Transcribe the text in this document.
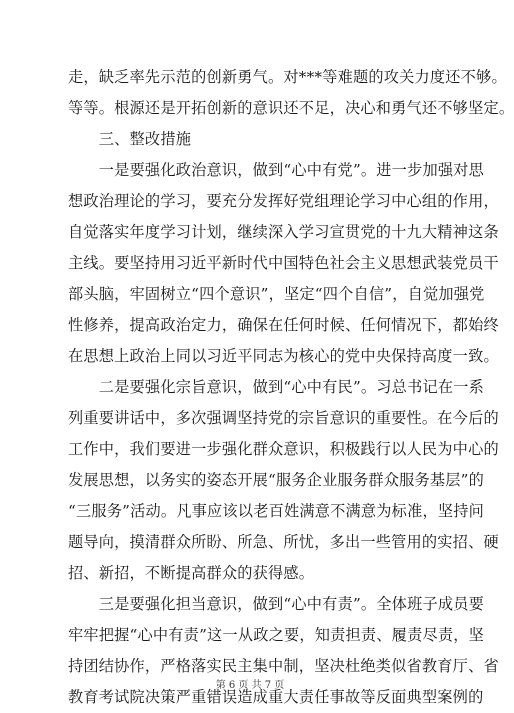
走，缺乏率先示范的创新勇气。对***等难题的攻关力度还不够。
等等。根源还是开拓创新的意识还不足，决心和勇气还不够坚定。
　　三、整改措施
　　一是要强化政治意识，做到“心中有党”。进一步加强对思
想政治理论的学习，要充分发挥好党组理论学习中心组的作用，
自觉落实年度学习计划，继续深入学习宣贯党的十九大精神这条
主线。要坚持用习近平新时代中国特色社会主义思想武装党员干
部头脑，牢固树立“四个意识”，坚定“四个自信”，自觉加强党
性修养，提高政治定力，确保在任何时候、任何情况下，都始终
在思想上政治上同以习近平同志为核心的党中央保持高度一致。
　　二是要强化宗旨意识，做到“心中有民”。习总书记在一系
列重要讲话中，多次强调坚持党的宗旨意识的重要性。在今后的
工作中，我们要进一步强化群众意识，积极践行以人民为中心的
发展思想，以务实的姿态开展“服务企业服务群众服务基层”的
“三服务”活动。凡事应该以老百姓满意不满意为标准，坚持问
题导向，摸清群众所盼、所急、所忧，多出一些管用的实招、硬
招、新招，不断提高群众的获得感。
　　三是要强化担当意识，做到“心中有责”。全体班子成员要
牢牢把握“心中有责”这一从政之要，知责担责、履责尽责，坚
持团结协作，严格落实民主集中制，坚决杜绝类似省教育厅、省
教育考试院决策严重错误造成重大责任事故等反面典型案例的
第 6 页 共 7 页
